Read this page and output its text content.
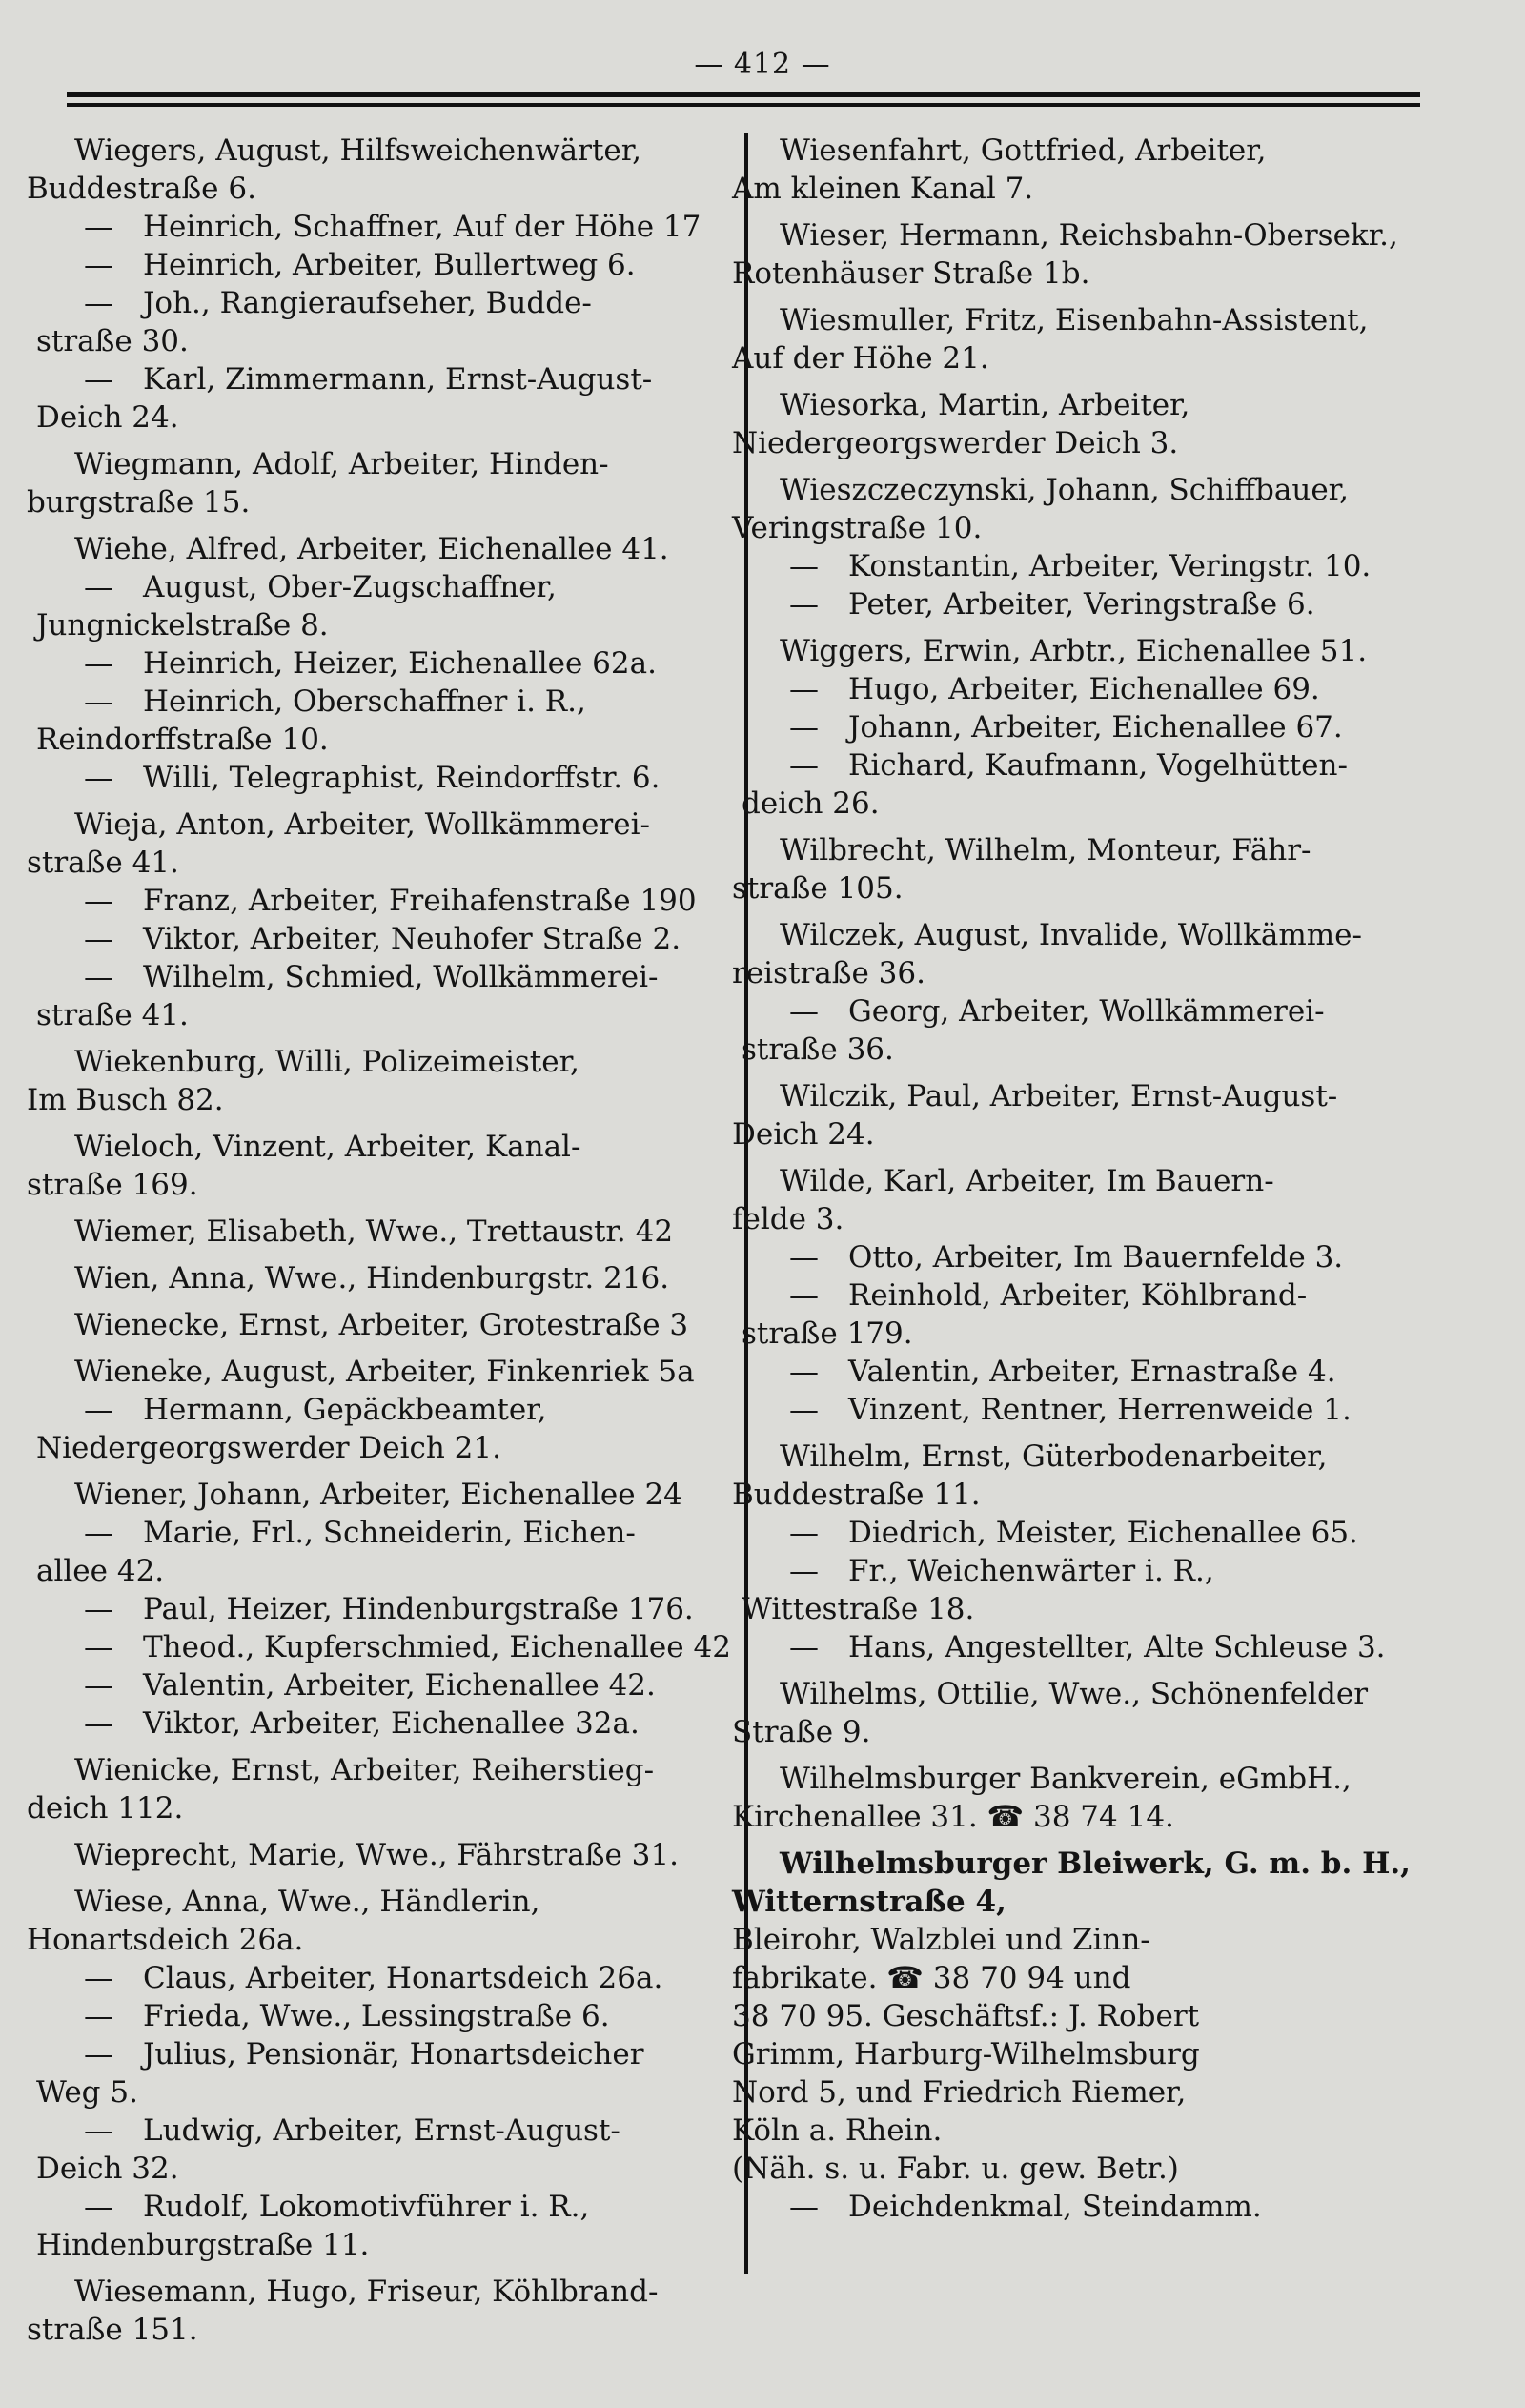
— 412 —
Wiegers, August, Hilfsweichenwärter,
Buddestraße 6.
— Heinrich, Schaffner, Auf der Höhe 17
— Heinrich, Arbeiter, Bullertweg 6.
— Joh., Rangieraufseher, Budde-
straße 30.
— Karl, Zimmermann, Ernst-August-
Deich 24.
Wiegmann, Adolf, Arbeiter, Hinden-
burgstraße 15.
Wiehe, Alfred, Arbeiter, Eichenallee 41.
— August, Ober-Zugschaffner,
Jungnickelstraße 8.
— Heinrich, Heizer, Eichenallee 62a.
— Heinrich, Oberschaffner i. R.,
Reindorffstraße 10.
— Willi, Telegraphist, Reindorffstr. 6.
Wieja, Anton, Arbeiter, Wollkämmerei-
straße 41.
— Franz, Arbeiter, Freihafenstraße 190
— Viktor, Arbeiter, Neuhofer Straße 2.
— Wilhelm, Schmied, Wollkämmerei-
straße 41.
Wiekenburg, Willi, Polizeimeister,
Im Busch 82.
Wieloch, Vinzent, Arbeiter, Kanal-
straße 169.
Wiemer, Elisabeth, Wwe., Trettaustr. 42
Wien, Anna, Wwe., Hindenburgstr. 216.
Wienecke, Ernst, Arbeiter, Grotestraße 3
Wieneke, August, Arbeiter, Finkenriek 5a
— Hermann, Gepäckbeamter,
Niedergeorgswerder Deich 21.
Wiener, Johann, Arbeiter, Eichenallee 24
— Marie, Frl., Schneiderin, Eichen-
allee 42.
— Paul, Heizer, Hindenburgstraße 176.
— Theod., Kupferschmied, Eichenallee 42
— Valentin, Arbeiter, Eichenallee 42.
— Viktor, Arbeiter, Eichenallee 32a.
Wienicke, Ernst, Arbeiter, Reiherstieg-
deich 112.
Wieprecht, Marie, Wwe., Fährstraße 31.
Wiese, Anna, Wwe., Händlerin,
Honartsdeich 26a.
— Claus, Arbeiter, Honartsdeich 26a.
— Frieda, Wwe., Lessingstraße 6.
— Julius, Pensionär, Honartsdeicher
Weg 5.
— Ludwig, Arbeiter, Ernst-August-
Deich 32.
— Rudolf, Lokomotivführer i. R.,
Hindenburgstraße 11.
Wiesemann, Hugo, Friseur, Köhlbrand-
straße 151.
Wiesenfahrt, Gottfried, Arbeiter,
Am kleinen Kanal 7.
Wieser, Hermann, Reichsbahn-Obersekr.,
Rotenhäuser Straße 1b.
Wiesmuller, Fritz, Eisenbahn-Assistent,
Auf der Höhe 21.
Wiesorka, Martin, Arbeiter,
Niedergeorgswerder Deich 3.
Wieszczeczynski, Johann, Schiffbauer,
Veringstraße 10.
— Konstantin, Arbeiter, Veringstr. 10.
— Peter, Arbeiter, Veringstraße 6.
Wiggers, Erwin, Arbtr., Eichenallee 51.
— Hugo, Arbeiter, Eichenallee 69.
— Johann, Arbeiter, Eichenallee 67.
— Richard, Kaufmann, Vogelhütten-
deich 26.
Wilbrecht, Wilhelm, Monteur, Fähr-
straße 105.
Wilczek, August, Invalide, Wollkämme-
reistraße 36.
— Georg, Arbeiter, Wollkämmerei-
straße 36.
Wilczik, Paul, Arbeiter, Ernst-August-
Deich 24.
Wilde, Karl, Arbeiter, Im Bauern-
felde 3.
— Otto, Arbeiter, Im Bauernfelde 3.
— Reinhold, Arbeiter, Köhlbrand-
straße 179.
— Valentin, Arbeiter, Ernastraße 4.
— Vinzent, Rentner, Herrenweide 1.
Wilhelm, Ernst, Güterbodenarbeiter,
Buddestraße 11.
— Diedrich, Meister, Eichenallee 65.
— Fr., Weichenwärter i. R.,
Wittestraße 18.
— Hans, Angestellter, Alte Schleuse 3.
Wilhelms, Ottilie, Wwe., Schönenfelder
Straße 9.
Wilhelmsburger Bankverein, eGmbH.,
Kirchenallee 31. ☎ 38 74 14.
Wilhelmsburger Bleiwerk, G. m. b. H.,
Witternstraße 4,
Bleirohr, Walzblei und Zinn-
fabrikate. ☎ 38 70 94 und
38 70 95. Geschäftsf.: J. Robert
Grimm, Harburg-Wilhelmsburg
Nord 5, und Friedrich Riemer,
Köln a. Rhein.
(Näh. s. u. Fabr. u. gew. Betr.)
— Deichdenkmal, Steindamm.
